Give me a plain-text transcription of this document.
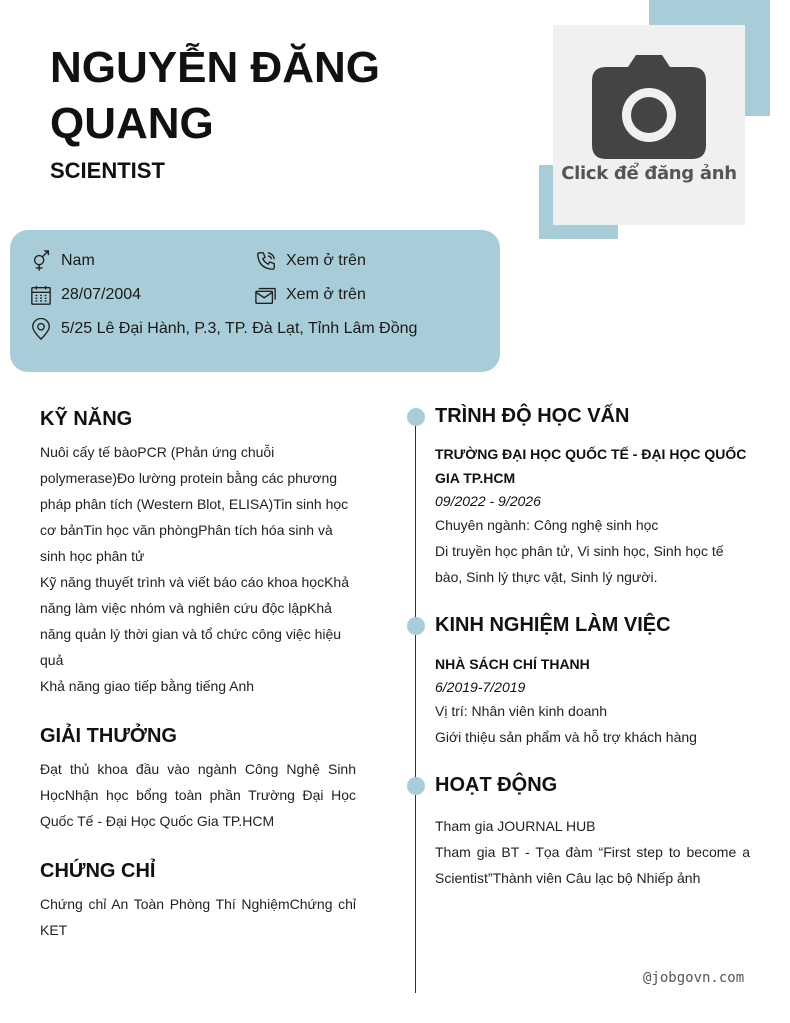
Click để đăng ảnh
NGUYỄN ĐĂNG
QUANG
SCIENTIST
Nam	Xem ở trên
28/07/2004	Xem ở trên
5/25 Lê Đại Hành, P.3, TP. Đà Lạt, Tỉnh Lâm Đồng
KỸ NĂNG
Nuôi cấy tế bàoPCR (Phản ứng chuỗi
polymerase)Đo lường protein bằng các phương
pháp phân tích (Western Blot, ELISA)Tin sinh học
cơ bảnTin học văn phòngPhân tích hóa sinh và
sinh học phân tử
Kỹ năng thuyết trình và viết báo cáo khoa họcKhả
năng làm việc nhóm và nghiên cứu độc lậpKhả
năng quản lý thời gian và tổ chức công việc hiệu
quả
Khả năng giao tiếp bằng tiếng Anh
GIẢI THƯỞNG
Đạt thủ khoa đầu vào ngành Công Nghệ Sinh HọcNhận học bổng toàn phần Trường Đại Học Quốc Tế - Đại Học Quốc Gia TP.HCM
CHỨNG CHỈ
Chứng chỉ An Toàn Phòng Thí NghiệmChứng chỉ KET
TRÌNH ĐỘ HỌC VẤN
TRƯỜNG ĐẠI HỌC QUỐC TẾ - ĐẠI HỌC QUỐC GIA TP.HCM
09/2022 - 9/2026
Chuyên ngành: Công nghệ sinh học
Di truyền học phân tử, Vi sinh học, Sinh học tế bào, Sinh lý thực vật, Sinh lý người.
KINH NGHIỆM LÀM VIỆC
NHÀ SÁCH CHÍ THANH
6/2019-7/2019
Vị trí: Nhân viên kinh doanh
Giới thiệu sản phẩm và hỗ trợ khách hàng
HOẠT ĐỘNG
Tham gia JOURNAL HUB
Tham gia BT - Tọa đàm “First step to become a Scientist”Thành viên Câu lạc bộ Nhiếp ảnh
@jobgovn.com
